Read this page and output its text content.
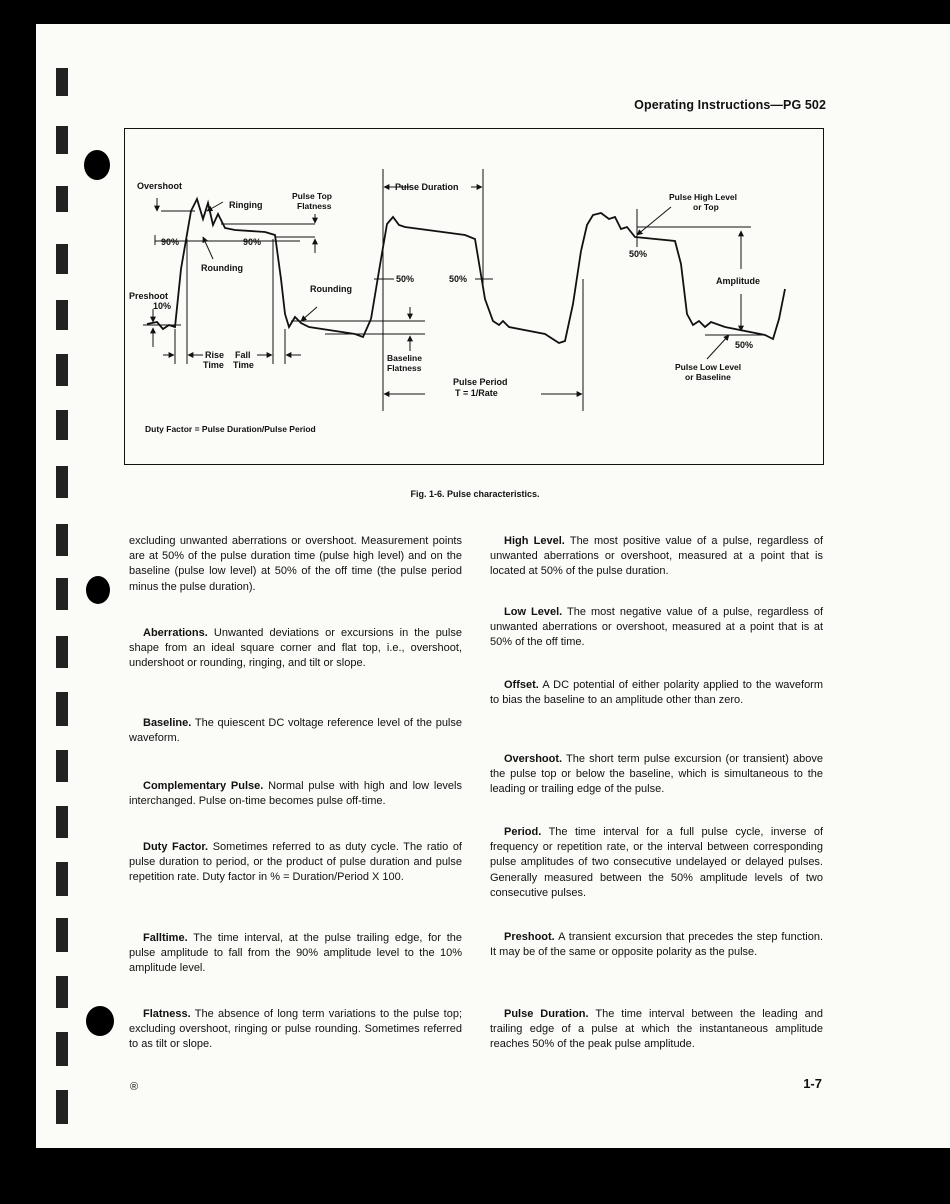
Operating Instructions—PG 502
Overshoot
Ringing
Pulse Top
Flatness
90%	90%
Rounding
Rounding
Preshoot
10%
Rise
Time
Fall
Time
Pulse Duration
50%	50%
Baseline
Flatness
Pulse Period
T = 1/Rate
Pulse High Level
or Top
50%
Amplitude
50%
Pulse Low Level
or Baseline
Duty Factor = Pulse Duration/Pulse Period
Fig. 1-6. Pulse characteristics.

excluding unwanted aberrations or overshoot. Measurement points are at 50% of the pulse duration time (pulse high level) and on the baseline (pulse low level) at 50% of the off time (the pulse period minus the pulse duration).

Aberrations. Unwanted deviations or excursions in the pulse shape from an ideal square corner and flat top, i.e., overshoot, undershoot or rounding, ringing, and tilt or slope.

Baseline. The quiescent DC voltage reference level of the pulse waveform.

Complementary Pulse. Normal pulse with high and low levels interchanged. Pulse on-time becomes pulse off-time.

Duty Factor. Sometimes referred to as duty cycle. The ratio of pulse duration to period, or the product of pulse duration and pulse repetition rate. Duty factor in % = Duration/Period X 100.

Falltime. The time interval, at the pulse trailing edge, for the pulse amplitude to fall from the 90% amplitude level to the 10% amplitude level.

Flatness. The absence of long term variations to the pulse top; excluding overshoot, ringing or pulse rounding. Sometimes referred to as tilt or slope.

High Level. The most positive value of a pulse, regardless of unwanted aberrations or overshoot, measured at a point that is located at 50% of the pulse duration.

Low Level. The most negative value of a pulse, regardless of unwanted aberrations or overshoot, measured at a point that is at 50% of the off time.

Offset. A DC potential of either polarity applied to the waveform to bias the baseline to an amplitude other than zero.

Overshoot. The short term pulse excursion (or transient) above the pulse top or below the baseline, which is simultaneous to the leading or trailing edge of the pulse.

Period. The time interval for a full pulse cycle, inverse of frequency or repetition rate, or the interval between corresponding pulse amplitudes of two consecutive undelayed or delayed pulses. Generally measured between the 50% amplitude levels of two consecutive pulses.

Preshoot. A transient excursion that precedes the step function. It may be of the same or opposite polarity as the pulse.

Pulse Duration. The time interval between the leading and trailing edge of a pulse at which the instantaneous amplitude reaches 50% of the peak pulse amplitude.

®	1-7
